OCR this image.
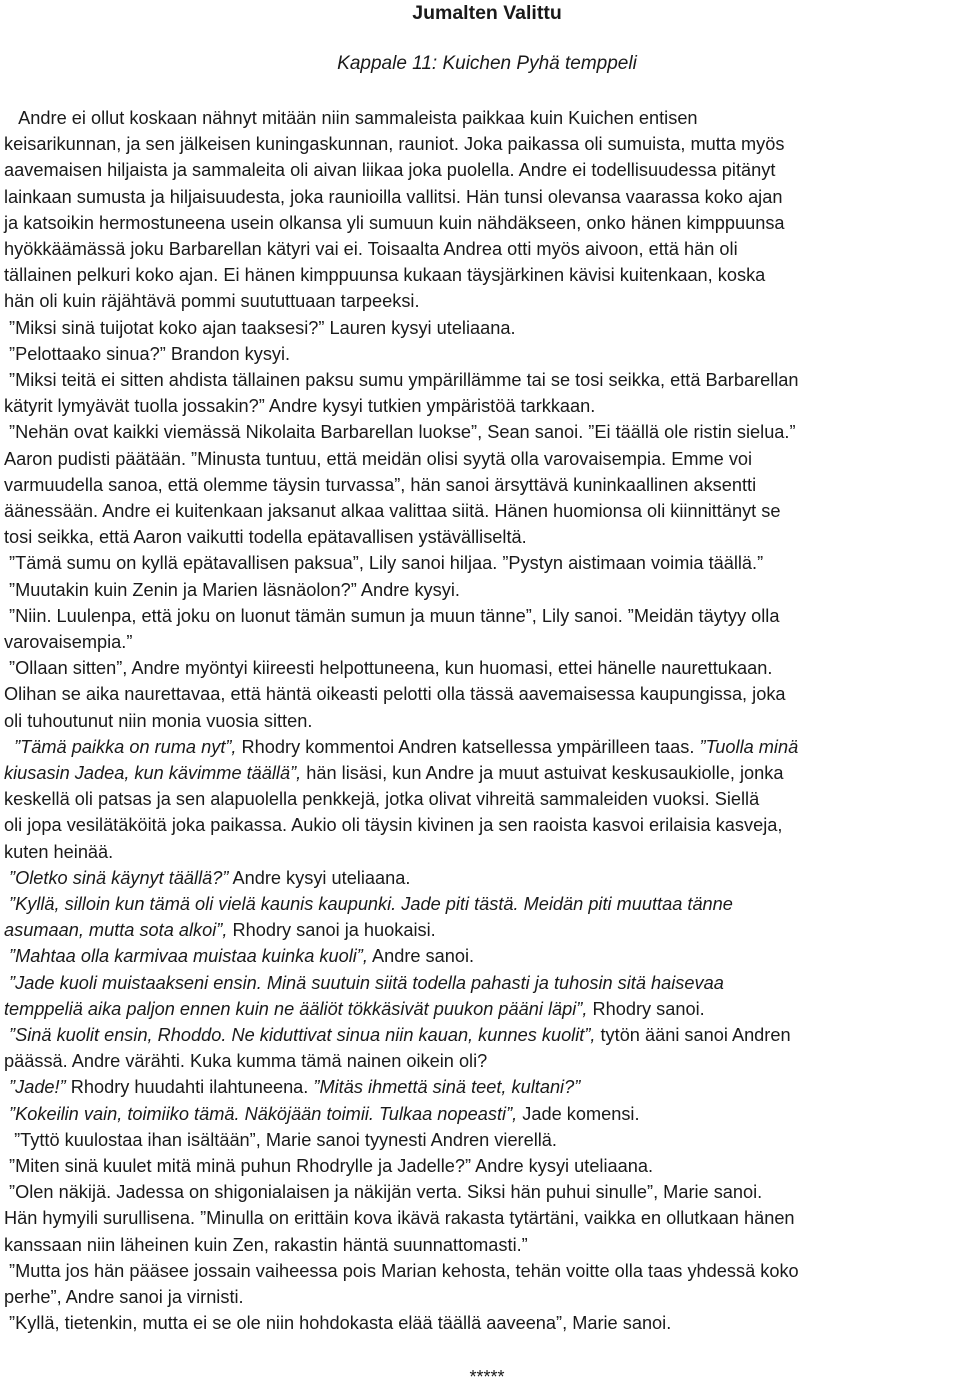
Jumalten Valittu
Kappale 11: Kuichen Pyhä temppeli
Andre ei ollut koskaan nähnyt mitään niin sammaleista paikkaa kuin Kuichen entisen
keisarikunnan, ja sen jälkeisen kuningaskunnan, rauniot. Joka paikassa oli sumuista, mutta myös
aavemaisen hiljaista ja sammaleita oli aivan liikaa joka puolella. Andre ei todellisuudessa pitänyt
lainkaan sumusta ja hiljaisuudesta, joka raunioilla vallitsi. Hän tunsi olevansa vaarassa koko ajan
ja katsoikin hermostuneena usein olkansa yli sumuun kuin nähdäkseen, onko hänen kimppuunsa
hyökkäämässä joku Barbarellan kätyri vai ei. Toisaalta Andrea otti myös aivoon, että hän oli
tällainen pelkuri koko ajan. Ei hänen kimppuunsa kukaan täysjärkinen kävisi kuitenkaan, koska
hän oli kuin räjähtävä pommi suututtuaan tarpeeksi.
”Miksi sinä tuijotat koko ajan taaksesi?” Lauren kysyi uteliaana.
”Pelottaako sinua?” Brandon kysyi.
”Miksi teitä ei sitten ahdista tällainen paksu sumu ympärillämme tai se tosi seikka, että Barbarellan
kätyrit lymyävät tuolla jossakin?” Andre kysyi tutkien ympäristöä tarkkaan.
”Nehän ovat kaikki viemässä Nikolaita Barbarellan luokse”, Sean sanoi. ”Ei täällä ole ristin sielua.”
Aaron pudisti päätään. ”Minusta tuntuu, että meidän olisi syytä olla varovaisempia. Emme voi
varmuudella sanoa, että olemme täysin turvassa”, hän sanoi ärsyttävä kuninkaallinen aksentti
äänessään. Andre ei kuitenkaan jaksanut alkaa valittaa siitä. Hänen huomionsa oli kiinnittänyt se
tosi seikka, että Aaron vaikutti todella epätavallisen ystävälliseltä.
”Tämä sumu on kyllä epätavallisen paksua”, Lily sanoi hiljaa. ”Pystyn aistimaan voimia täällä.”
”Muutakin kuin Zenin ja Marien läsnäolon?” Andre kysyi.
”Niin. Luulenpa, että joku on luonut tämän sumun ja muun tänne”, Lily sanoi. ”Meidän täytyy olla
varovaisempia.”
”Ollaan sitten”, Andre myöntyi kiireesti helpottuneena, kun huomasi, ettei hänelle naurettukaan.
Olihan se aika naurettavaa, että häntä oikeasti pelotti olla tässä aavemaisessa kaupungissa, joka
oli tuhoutunut niin monia vuosia sitten.
”Tämä paikka on ruma nyt”, Rhodry kommentoi Andren katsellessa ympärilleen taas. ”Tuolla minä
kiusasin Jadea, kun kävimme täällä”, hän lisäsi, kun Andre ja muut astuivat keskusaukiolle, jonka
keskellä oli patsas ja sen alapuolella penkkejä, jotka olivat vihreitä sammaleiden vuoksi. Siellä
oli jopa vesilätäköitä joka paikassa. Aukio oli täysin kivinen ja sen raoista kasvoi erilaisia kasveja,
kuten heinää.
”Oletko sinä käynyt täällä?” Andre kysyi uteliaana.
”Kyllä, silloin kun tämä oli vielä kaunis kaupunki. Jade piti tästä. Meidän piti muuttaa tänne
asumaan, mutta sota alkoi”, Rhodry sanoi ja huokaisi.
”Mahtaa olla karmivaa muistaa kuinka kuoli”, Andre sanoi.
”Jade kuoli muistaakseni ensin. Minä suutuin siitä todella pahasti ja tuhosin sitä haisevaa
temppeliä aika paljon ennen kuin ne ääliöt tökkäsivät puukon pääni läpi”, Rhodry sanoi.
”Sinä kuolit ensin, Rhoddo. Ne kiduttivat sinua niin kauan, kunnes kuolit”, tytön ääni sanoi Andren
päässä. Andre värähti. Kuka kumma tämä nainen oikein oli?
”Jade!” Rhodry huudahti ilahtuneena. ”Mitäs ihmettä sinä teet, kultani?”
”Kokeilin vain, toimiiko tämä. Näköjään toimii. Tulkaa nopeasti”, Jade komensi.
”Tyttö kuulostaa ihan isältään”, Marie sanoi tyynesti Andren vierellä.
”Miten sinä kuulet mitä minä puhun Rhodrylle ja Jadelle?” Andre kysyi uteliaana.
”Olen näkijä. Jadessa on shigonialaisen ja näkijän verta. Siksi hän puhui sinulle”, Marie sanoi.
Hän hymyili surullisena. ”Minulla on erittäin kova ikävä rakasta tytärtäni, vaikka en ollutkaan hänen
kanssaan niin läheinen kuin Zen, rakastin häntä suunnattomasti.”
”Mutta jos hän pääsee jossain vaiheessa pois Marian kehosta, tehän voitte olla taas yhdessä koko
perhe”, Andre sanoi ja virnisti.
”Kyllä, tietenkin, mutta ei se ole niin hohdokasta elää täällä aaveena”, Marie sanoi.
*****
